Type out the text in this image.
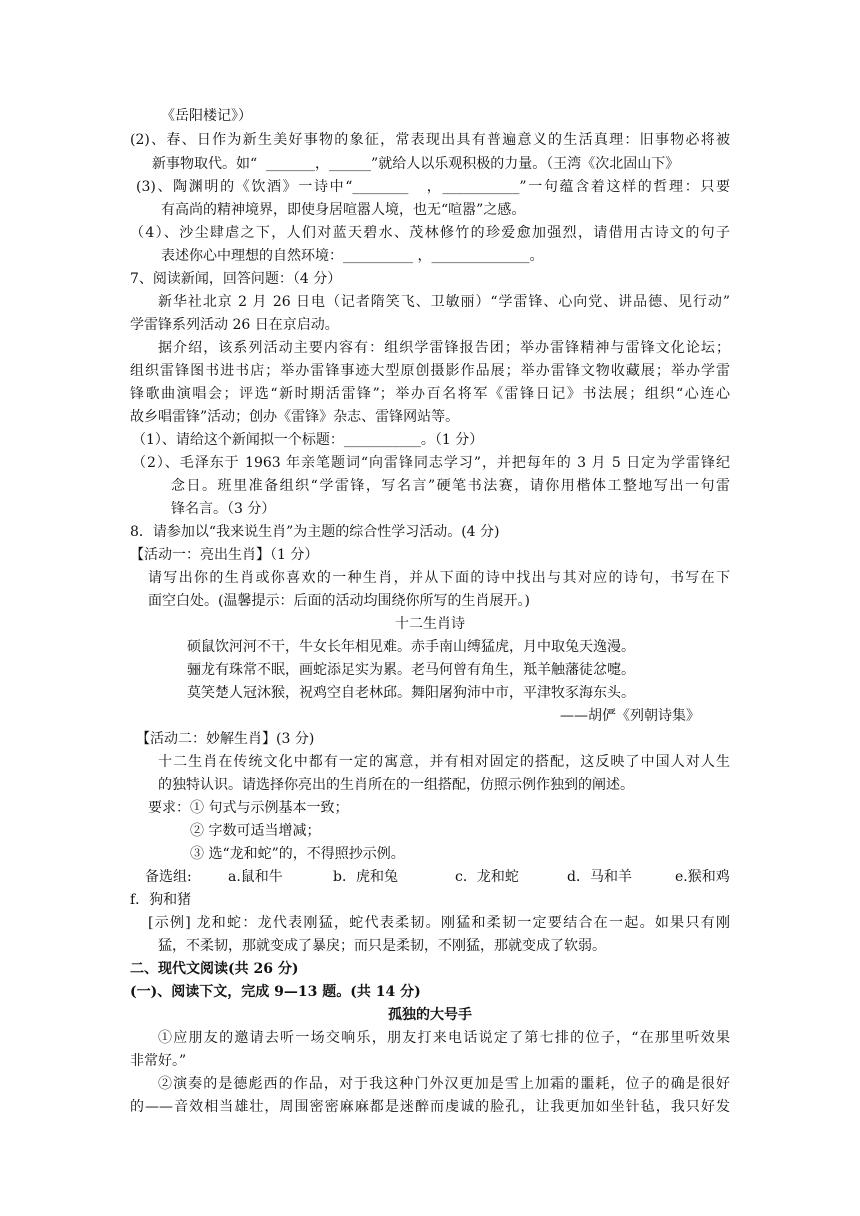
《岳阳楼记》）
(2)、春、日作为新生美好事物的象征，常表现出具有普遍意义的生活真理：旧事物必将被
新事物取代。如“  _______，______”就给人以乐观积极的力量。（王湾《次北固山下》
(3)、陶渊明的《饮酒》一诗中“________   ，___________”一句蕴含着这样的哲理：只要
有高尚的精神境界，即使身居喧嚣人境，也无“喧嚣”之感。
（4）、沙尘肆虐之下，人们对蓝天碧水、茂林修竹的珍爱愈加强烈，请借用古诗文的句子
表述你心中理想的自然环境：__________ ，______________。
7、阅读新闻，回答问题：（4 分）
新华社北京 2 月 26 日电（记者隋笑飞、卫敏丽）“学雷锋、心向党、讲品德、见行动”
学雷锋系列活动 26 日在京启动。
据介绍，该系列活动主要内容有：组织学雷锋报告团；举办雷锋精神与雷锋文化论坛；
组织雷锋图书进书店；举办雷锋事迹大型原创摄影作品展；举办雷锋文物收藏展；举办学雷
锋歌曲演唱会；评选“新时期活雷锋”；举办百名将军《雷锋日记》书法展；组织“心连心
故乡唱雷锋”活动；创办《雷锋》杂志、雷锋网站等。
（1）、请给这个新闻拟一个标题：___________。（1 分）
（2）、毛泽东于 1963 年亲笔题词“向雷锋同志学习”，并把每年的 3 月 5 日定为学雷锋纪
念日。班里准备组织“学雷锋，写名言”硬笔书法赛，请你用楷体工整地写出一句雷
锋名言。（3 分）
8．请参加以“我来说生肖”为主题的综合性学习活动。(4 分)
【活动一：亮出生肖】（1 分）
请写出你的生肖或你喜欢的一种生肖，并从下面的诗中找出与其对应的诗句，书写在下
面空白处。(温馨提示：后面的活动均围绕你所写的生肖展开。)
十二生肖诗
硕鼠饮河河不干，牛女长年相见难。赤手南山缚猛虎，月中取兔天逸漫。
骊龙有珠常不眠，画蛇添足实为累。老马何曾有角生，羝羊触藩徒忿嚏。
莫笑楚人冠沐猴，祝鸡空自老林邱。舞阳屠狗沛中市，平津牧豕海东头。
——胡俨《列朝诗集》
【活动二：妙解生肖】(3 分)
十二生肖在传统文化中都有一定的寓意，并有相对固定的搭配，这反映了中国人对人生
的独特认识。请选择你亮出的生肖所在的一组搭配，仿照示例作独到的阐述。
要求：① 句式与示例基本一致；
② 字数可适当增减；
③ 选“龙和蛇”的，不得照抄示例。
备选组:	a.鼠和牛	b．虎和兔	c．龙和蛇	d．马和羊	e.猴和鸡
f．狗和猪
[示例] 龙和蛇：龙代表刚猛，蛇代表柔韧。刚猛和柔韧一定要结合在一起。如果只有刚
猛，不柔韧，那就变成了暴戾；而只是柔韧，不刚猛，那就变成了软弱。
二、现代文阅读(共 26 分)
(一)、阅读下文，完成 9—13 题。(共 14 分)
孤独的大号手
①应朋友的邀请去听一场交响乐，朋友打来电话说定了第七排的位子，“在那里听效果
非常好。”
②演奏的是德彪西的作品，对于我这种门外汉更加是雪上加霜的噩耗，位子的确是很好
的——音效相当雄壮，周围密密麻麻都是迷醉而虔诚的脸孔，让我更加如坐针毡，我只好发
